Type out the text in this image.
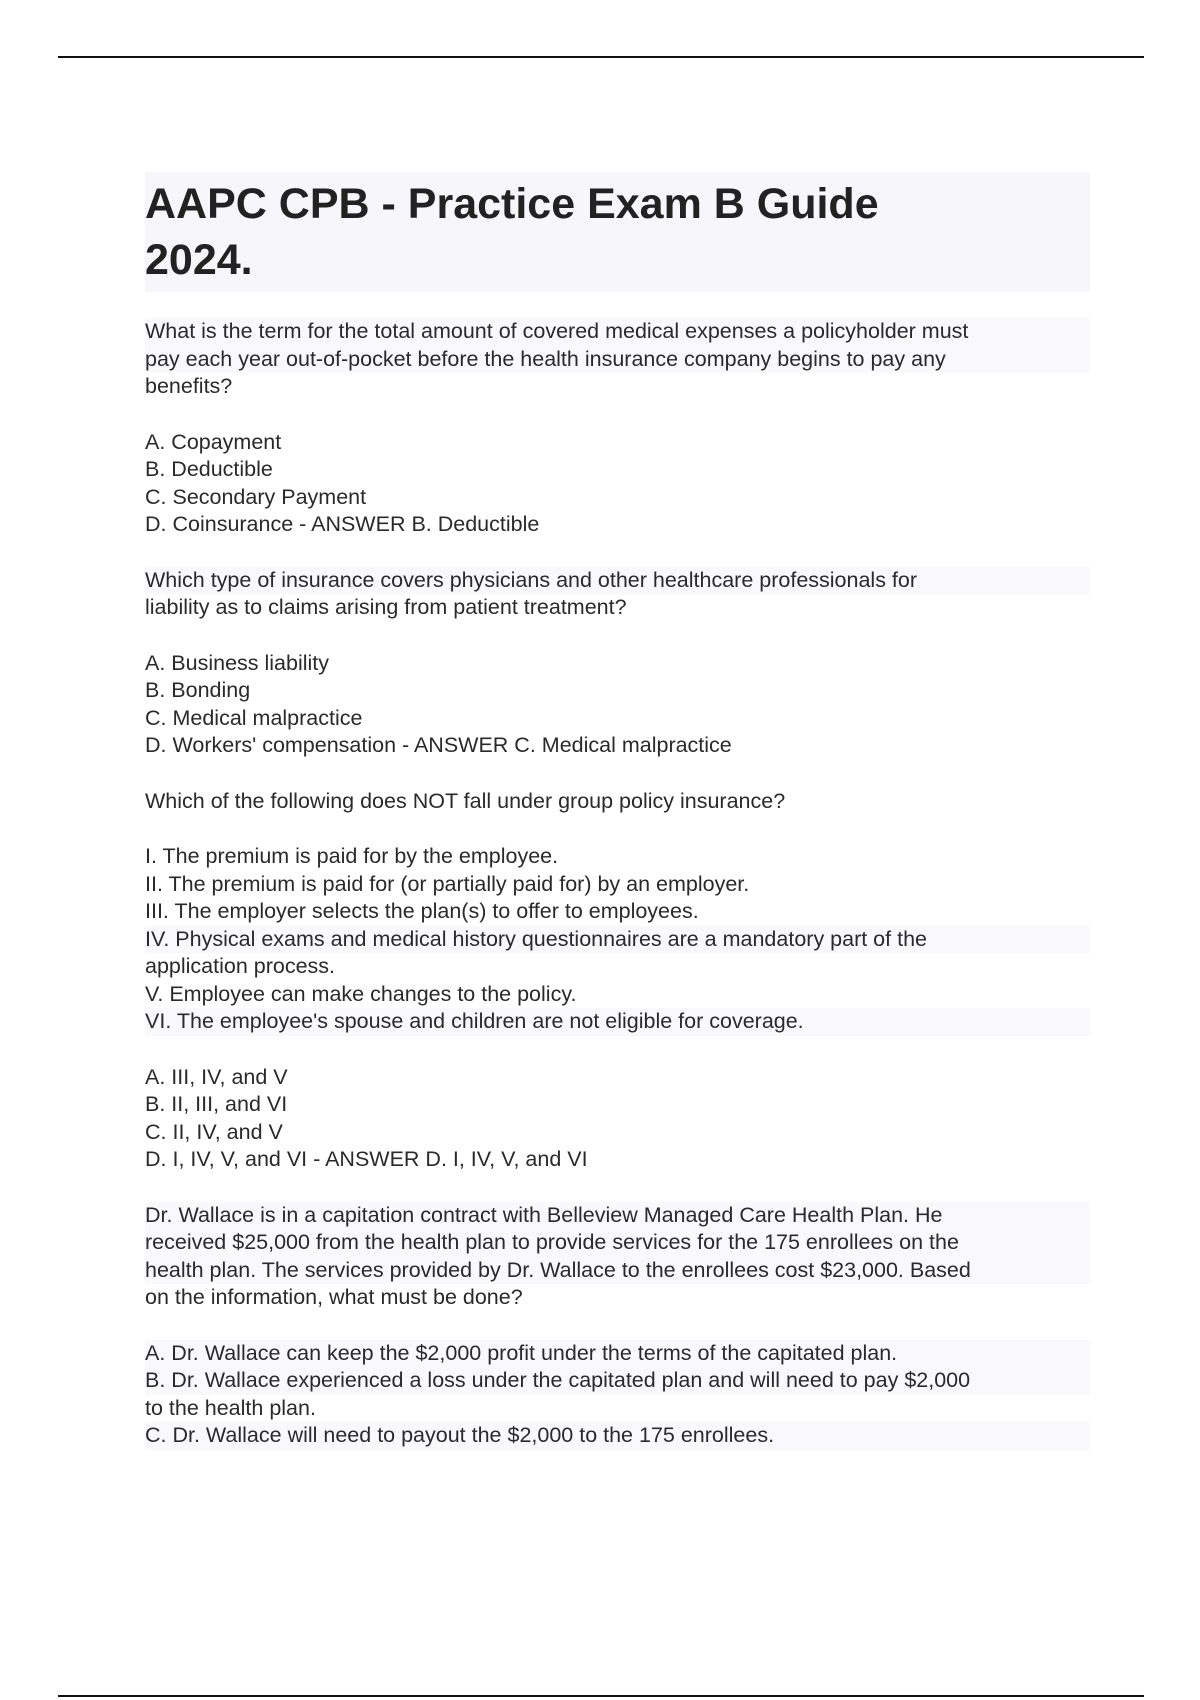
AAPC CPB - Practice Exam B Guide
2024.
What is the term for the total amount of covered medical expenses a policyholder must
pay each year out-of-pocket before the health insurance company begins to pay any
benefits?
A. Copayment
B. Deductible
C. Secondary Payment
D. Coinsurance - ANSWER B. Deductible
Which type of insurance covers physicians and other healthcare professionals for
liability as to claims arising from patient treatment?
A. Business liability
B. Bonding
C. Medical malpractice
D. Workers' compensation - ANSWER C. Medical malpractice
Which of the following does NOT fall under group policy insurance?
I. The premium is paid for by the employee.
II. The premium is paid for (or partially paid for) by an employer.
III. The employer selects the plan(s) to offer to employees.
IV. Physical exams and medical history questionnaires are a mandatory part of the
application process.
V. Employee can make changes to the policy.
VI. The employee's spouse and children are not eligible for coverage.
A. III, IV, and V
B. II, III, and VI
C. II, IV, and V
D. I, IV, V, and VI - ANSWER D. I, IV, V, and VI
Dr. Wallace is in a capitation contract with Belleview Managed Care Health Plan. He
received $25,000 from the health plan to provide services for the 175 enrollees on the
health plan. The services provided by Dr. Wallace to the enrollees cost $23,000. Based
on the information, what must be done?
A. Dr. Wallace can keep the $2,000 profit under the terms of the capitated plan.
B. Dr. Wallace experienced a loss under the capitated plan and will need to pay $2,000
to the health plan.
C. Dr. Wallace will need to payout the $2,000 to the 175 enrollees.
